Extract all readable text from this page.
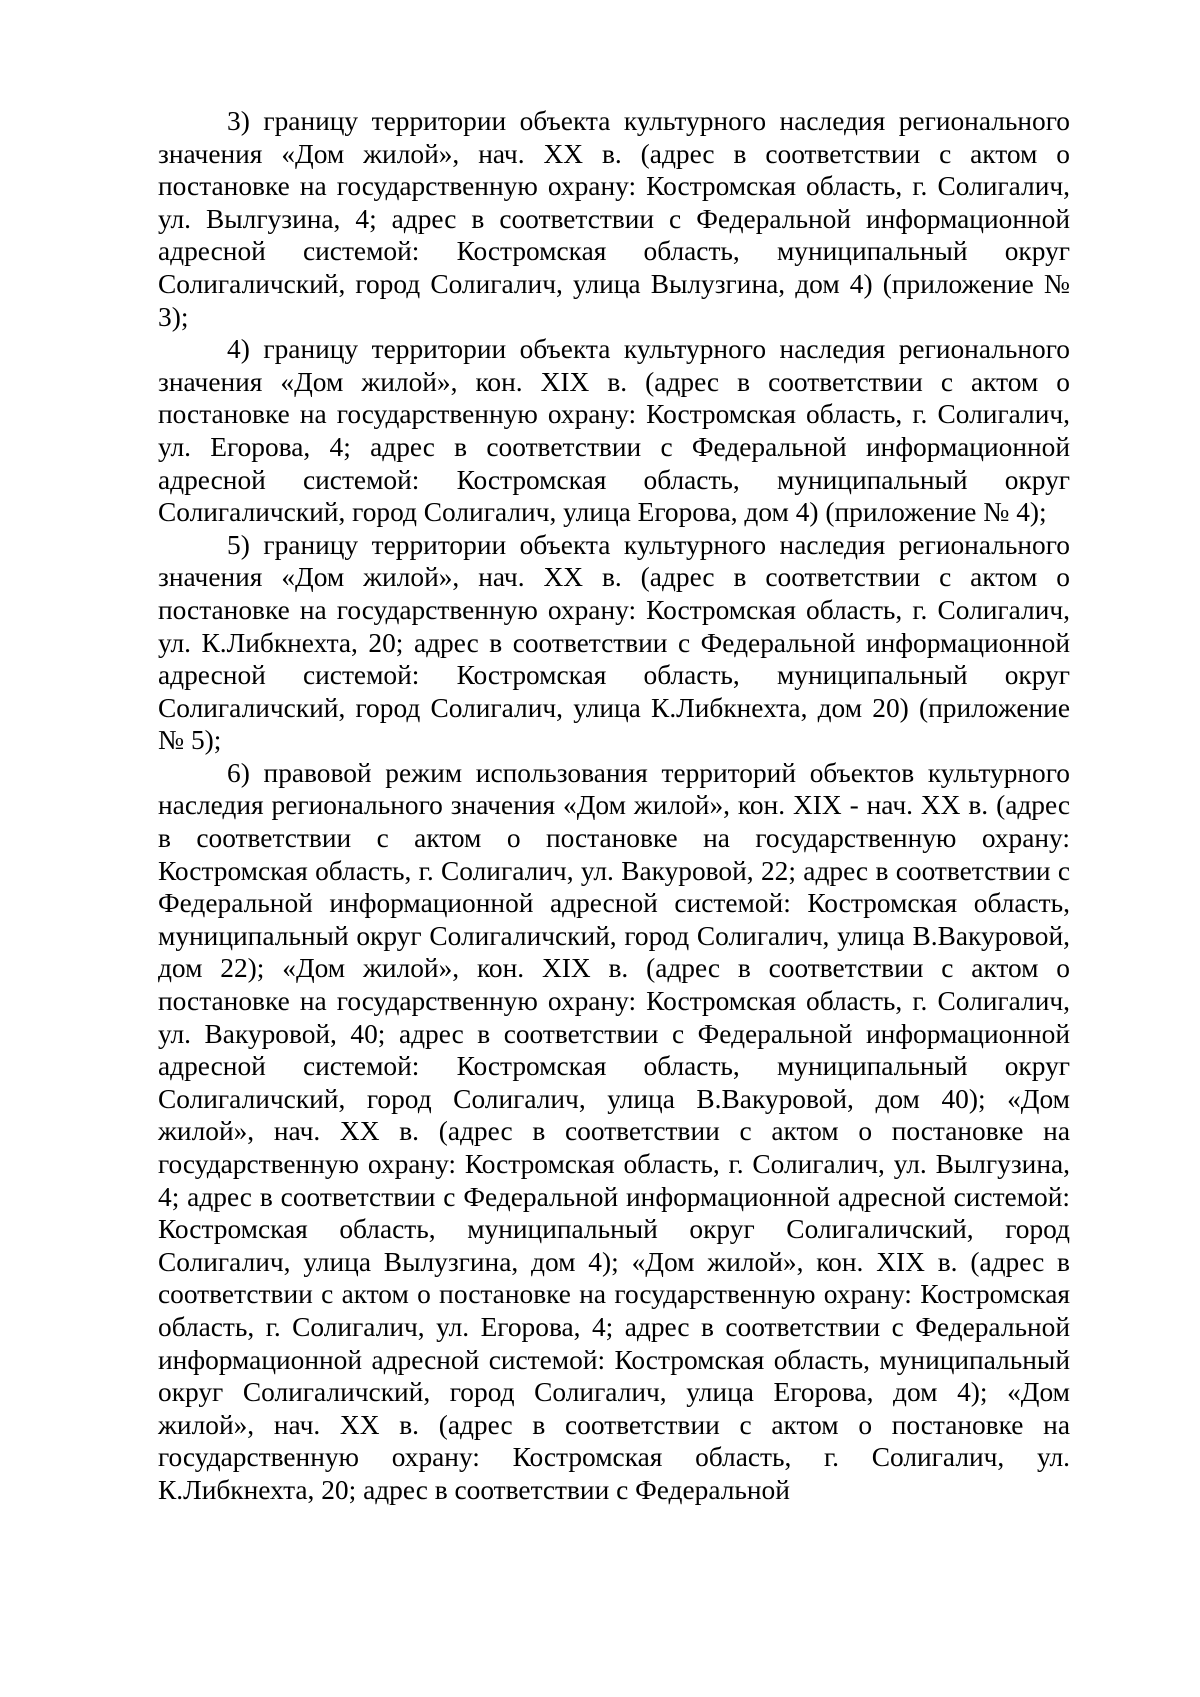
3) границу территории объекта культурного наследия регионального значения «Дом жилой», нач. XX в. (адрес в соответствии с актом о постановке на государственную охрану: Костромская область, г. Солигалич, ул. Вылгузина, 4; адрес в соответствии с Федеральной информационной адресной системой: Костромская область, муниципальный округ Солигаличский, город Солигалич, улица Вылузгина, дом 4) (приложение № 3);

4) границу территории объекта культурного наследия регионального значения «Дом жилой», кон. XIX в. (адрес в соответствии с актом о постановке на государственную охрану: Костромская область, г. Солигалич, ул. Егорова, 4; адрес в соответствии с Федеральной информационной адресной системой: Костромская область, муниципальный округ Солигаличский, город Солигалич, улица Егорова, дом 4) (приложение № 4);

5) границу территории объекта культурного наследия регионального значения «Дом жилой», нач. XX в. (адрес в соответствии с актом о постановке на государственную охрану: Костромская область, г. Солигалич, ул. К.Либкнехта, 20; адрес в соответствии с Федеральной информационной адресной системой: Костромская область, муниципальный округ Солигаличский, город Солигалич, улица К.Либкнехта, дом 20) (приложение № 5);

6) правовой режим использования территорий объектов культурного наследия регионального значения «Дом жилой», кон. XIX - нач. XX в. (адрес в соответствии с актом о постановке на государственную охрану: Костромская область, г. Солигалич, ул. Вакуровой, 22; адрес в соответствии с Федеральной информационной адресной системой: Костромская область, муниципальный округ Солигаличский, город Солигалич, улица В.Вакуровой, дом 22); «Дом жилой», кон. XIX в. (адрес в соответствии с актом о постановке на государственную охрану: Костромская область, г. Солигалич, ул. Вакуровой, 40; адрес в соответствии с Федеральной информационной адресной системой: Костромская область, муниципальный округ Солигаличский, город Солигалич, улица В.Вакуровой, дом 40); «Дом жилой», нач. XX в. (адрес в соответствии с актом о постановке на государственную охрану: Костромская область, г. Солигалич, ул. Вылгузина, 4; адрес в соответствии с Федеральной информационной адресной системой: Костромская область, муниципальный округ Солигаличский, город Солигалич, улица Вылузгина, дом 4); «Дом жилой», кон. XIX в. (адрес в соответствии с актом о постановке на государственную охрану: Костромская область, г. Солигалич, ул. Егорова, 4; адрес в соответствии с Федеральной информационной адресной системой: Костромская область, муниципальный округ Солигаличский, город Солигалич, улица Егорова, дом 4); «Дом жилой», нач. XX в. (адрес в соответствии с актом о постановке на государственную охрану: Костромская область, г. Солигалич, ул. К.Либкнехта, 20; адрес в соответствии с Федеральной
